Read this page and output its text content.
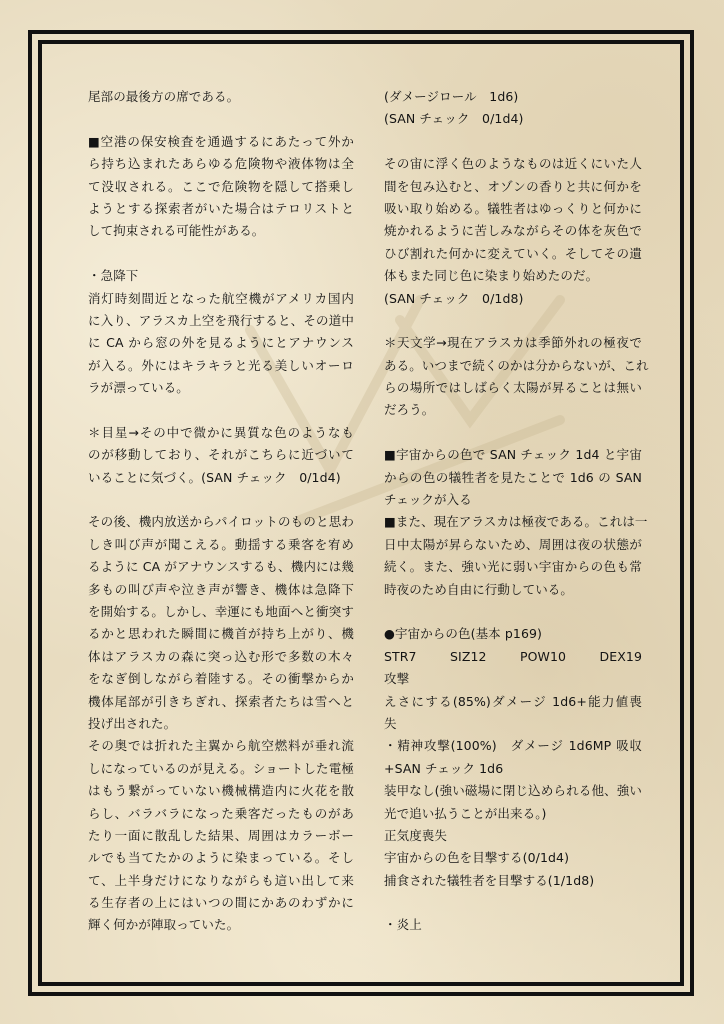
尾部の最後方の席である。
■空港の保安検査を通過するにあたって外か
ら持ち込まれたあらゆる危険物や液体物は全
て没収される。ここで危険物を隠して搭乗し
ようとする探索者がいた場合はテロリストと
して拘束される可能性がある。
・急降下
消灯時刻間近となった航空機がアメリカ国内
に入り、アラスカ上空を飛行すると、その道中
に CA から窓の外を見るようにとアナウンス
が入る。外にはキラキラと光る美しいオーロ
ラが漂っている。
＊目星→その中で微かに異質な色のようなも
のが移動しており、それがこちらに近づいて
いることに気づく。(SAN チェック　0/1d4)
その後、機内放送からパイロットのものと思わ
しき叫び声が聞こえる。動揺する乗客を宥め
るように CA がアナウンスするも、機内には幾
多もの叫び声や泣き声が響き、機体は急降下
を開始する。しかし、幸運にも地面へと衝突す
るかと思われた瞬間に機首が持ち上がり、機
体はアラスカの森に突っ込む形で多数の木々
をなぎ倒しながら着陸する。その衝撃からか
機体尾部が引きちぎれ、探索者たちは雪へと
投げ出された。
その奥では折れた主翼から航空燃料が垂れ流
しになっているのが見える。ショートした電極
はもう繋がっていない機械構造内に火花を散
らし、バラバラになった乗客だったものがあ
たり一面に散乱した結果、周囲はカラーボー
ルでも当てたかのように染まっている。そし
て、上半身だけになりながらも這い出して来
る生存者の上にはいつの間にかあのわずかに
輝く何かが陣取っていた。
(ダメージロール　1d6)
(SAN チェック　0/1d4)
その宙に浮く色のようなものは近くにいた人
間を包み込むと、オゾンの香りと共に何かを
吸い取り始める。犠牲者はゆっくりと何かに
焼かれるように苦しみながらその体を灰色で
ひび割れた何かに変えていく。そしてその遺
体もまた同じ色に染まり始めたのだ。
(SAN チェック　0/1d8)
＊天文学→現在アラスカは季節外れの極夜で
ある。いつまで続くのかは分からないが、これ
らの場所ではしばらく太陽が昇ることは無い
だろう。
■宇宙からの色で SAN チェック 1d4 と宇宙
からの色の犠牲者を見たことで 1d6 の SAN
チェックが入る
■また、現在アラスカは極夜である。これは一
日中太陽が昇らないため、周囲は夜の状態が
続く。また、強い光に弱い宇宙からの色も常
時夜のため自由に行動している。
●宇宙からの色(基本 p169)
STR7　SIZ12　POW10　DEX19
攻撃
えさにする(85%)ダメージ 1d6+能力値喪
失
・精神攻撃(100%)　ダメージ 1d6MP 吸収
+SAN チェック 1d6
装甲なし(強い磁場に閉じ込められる他、強い
光で追い払うことが出来る。)
正気度喪失
宇宙からの色を目撃する(0/1d4)
捕食された犠牲者を目撃する(1/1d8)
・炎上
